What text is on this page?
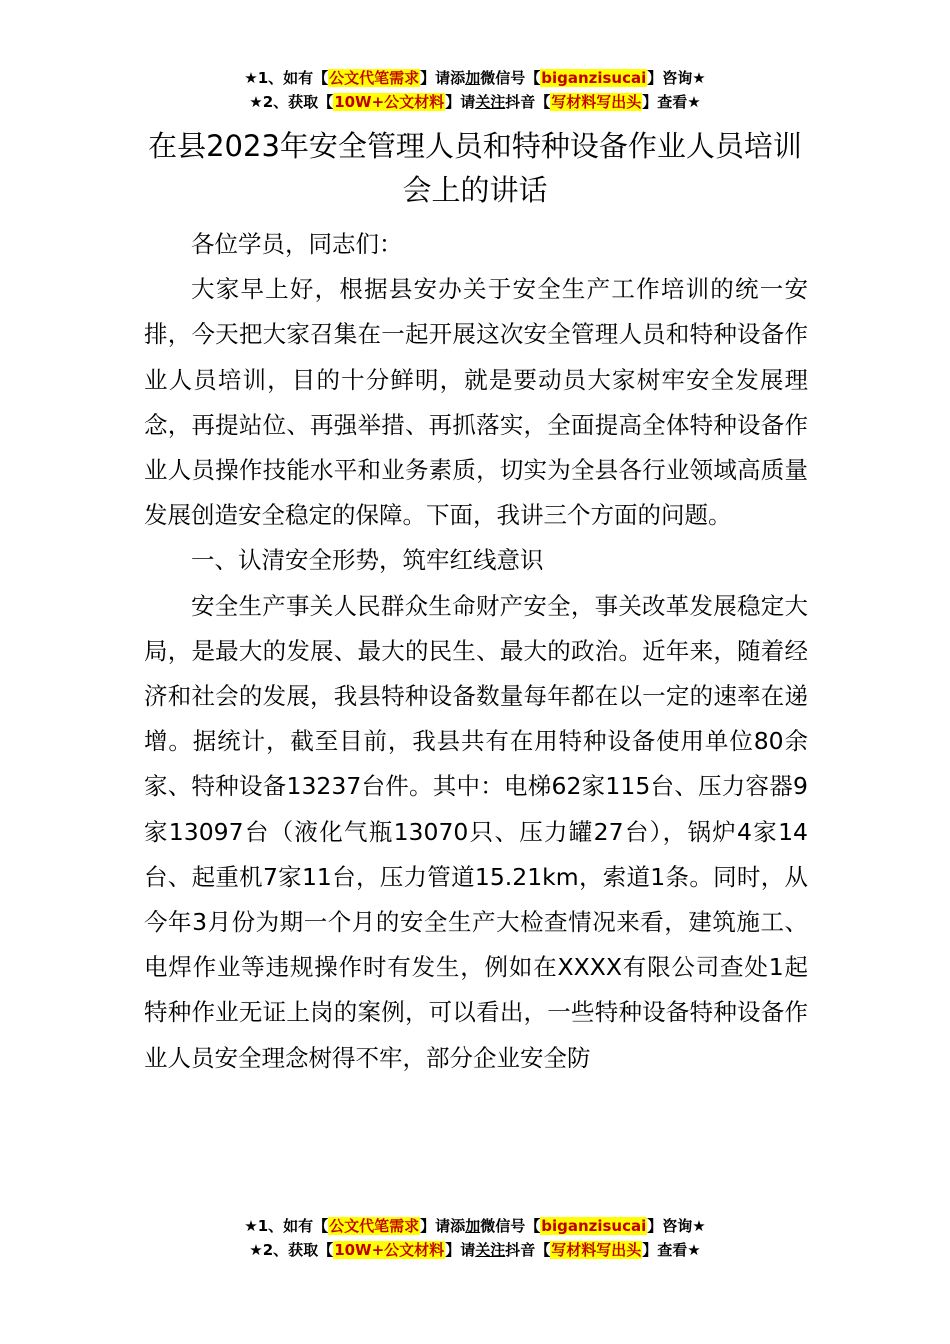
★1、如有【公文代笔需求】请添加微信号【biganzisucai】咨询★
★2、获取【10W+公文材料】请关注抖音【写材料写出头】查看★
在县2023年安全管理人员和特种设备作业人员培训会上的讲话

各位学员，同志们：

大家早上好，根据县安办关于安全生产工作培训的统一安排，今天把大家召集在一起开展这次安全管理人员和特种设备作业人员培训，目的十分鲜明，就是要动员大家树牢安全发展理念，再提站位、再强举措、再抓落实，全面提高全体特种设备作业人员操作技能水平和业务素质，切实为全县各行业领域高质量发展创造安全稳定的保障。下面，我讲三个方面的问题。

一、认清安全形势，筑牢红线意识

安全生产事关人民群众生命财产安全，事关改革发展稳定大局，是最大的发展、最大的民生、最大的政治。近年来，随着经济和社会的发展，我县特种设备数量每年都在以一定的速率在递增。据统计，截至目前，我县共有在用特种设备使用单位80余家、特种设备13237台件。其中：电梯62家115台、压力容器9家13097台（液化气瓶13070只、压力罐27台），锅炉4家14台、起重机7家11台，压力管道15.21km，索道1条。同时，从今年3月份为期一个月的安全生产大检查情况来看，建筑施工、电焊作业等违规操作时有发生，例如在XXXX有限公司查处1起特种作业无证上岗的案例，可以看出，一些特种设备特种设备作业人员安全理念树得不牢，部分企业安全防

★1、如有【公文代笔需求】请添加微信号【biganzisucai】咨询★
★2、获取【10W+公文材料】请关注抖音【写材料写出头】查看★
